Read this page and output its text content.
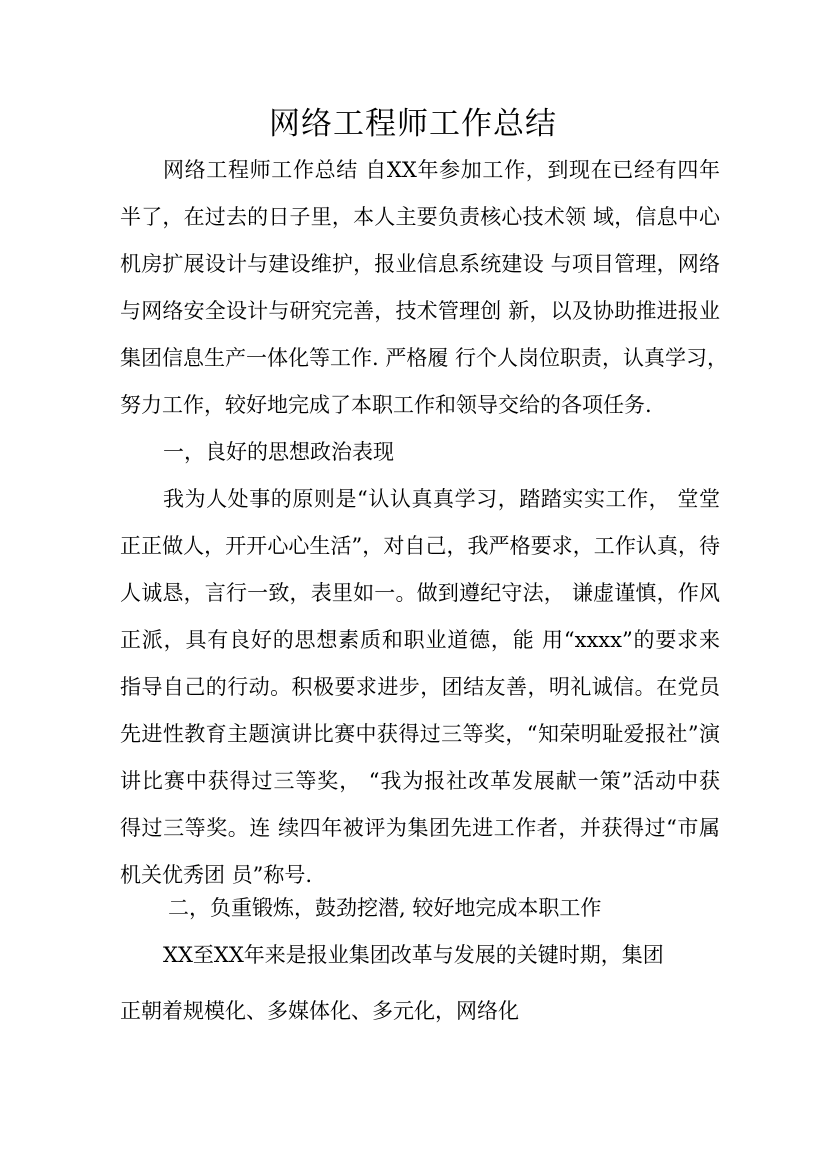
网络工程师工作总结
网络工程师工作总结 自XX年参加工作，到现在已经有四年
半了，在过去的日子里，本人主要负责核心技术领 域，信息中心
机房扩展设计与建设维护，报业信息系统建设 与项目管理，网络
与网络安全设计与研究完善，技术管理创 新，以及协助推进报业
集团信息生产一体化等工作. 严格履 行个人岗位职责，认真学习，
努力工作，较好地完成了本职工作和领导交给的各项任务.
一，良好的思想政治表现
我为人处事的原则是“认认真真学习，踏踏实实工作， 堂堂
正正做人，开开心心生活”，对自己，我严格要求，工作认真，待
人诚恳，言行一致，表里如一。做到遵纪守法， 谦虚谨慎，作风
正派，具有良好的思想素质和职业道德，能 用“xxxx”的要求来
指导自己的行动。积极要求进步，团结友善，明礼诚信。在党员
先进性教育主题演讲比赛中获得过三等奖，“知荣明耻爱报社”演
讲比赛中获得过三等奖， “我为报社改革发展献一策”活动中获
得过三等奖。连 续四年被评为集团先进工作者，并获得过“市属
机关优秀团 员”称号.
二，负重锻炼，鼓劲挖潜, 较好地完成本职工作
XX至XX年来是报业集团改革与发展的关键时期，集团
正朝着规模化、多媒体化、多元化，网络化
